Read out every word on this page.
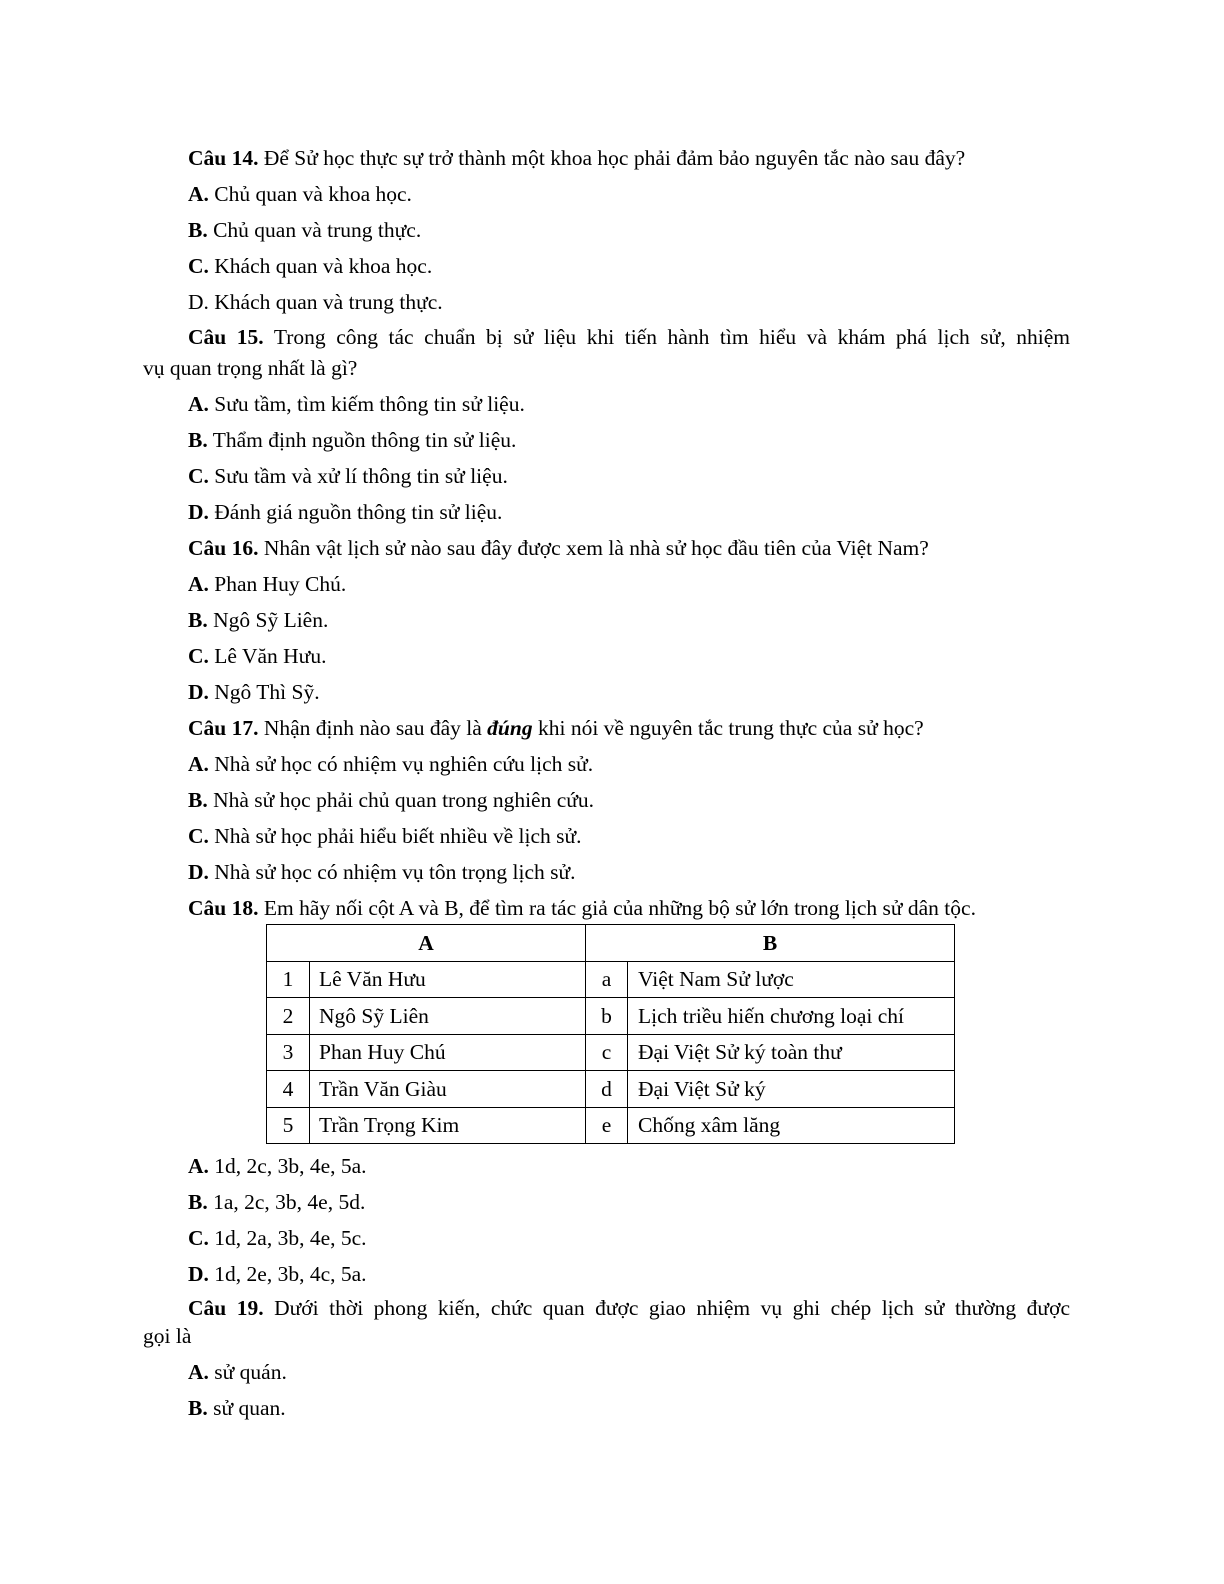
Câu 14. Để Sử học thực sự trở thành một khoa học phải đảm bảo nguyên tắc nào sau đây?
A. Chủ quan và khoa học.
B. Chủ quan và trung thực.
C. Khách quan và khoa học.
D. Khách quan và trung thực.
Câu 15. Trong công tác chuẩn bị sử liệu khi tiến hành tìm hiểu và khám phá lịch sử, nhiệm
vụ quan trọng nhất là gì?
A. Sưu tầm, tìm kiếm thông tin sử liệu.
B. Thẩm định nguồn thông tin sử liệu.
C. Sưu tầm và xử lí thông tin sử liệu.
D. Đánh giá nguồn thông tin sử liệu.
Câu 16. Nhân vật lịch sử nào sau đây được xem là nhà sử học đầu tiên của Việt Nam?
A. Phan Huy Chú.
B. Ngô Sỹ Liên.
C. Lê Văn Hưu.
D. Ngô Thì Sỹ.
Câu 17. Nhận định nào sau đây là đúng khi nói về nguyên tắc trung thực của sử học?
A. Nhà sử học có nhiệm vụ nghiên cứu lịch sử.
B. Nhà sử học phải chủ quan trong nghiên cứu.
C. Nhà sử học phải hiểu biết nhiều về lịch sử.
D. Nhà sử học có nhiệm vụ tôn trọng lịch sử.
Câu 18. Em hãy nối cột A và B, để tìm ra tác giả của những bộ sử lớn trong lịch sử dân tộc.
A		B	
1	Lê Văn Hưu	a	Việt Nam Sử lược
2	Ngô Sỹ Liên	b	Lịch triều hiến chương loại chí
3	Phan Huy Chú	c	Đại Việt Sử ký toàn thư
4	Trần Văn Giàu	d	Đại Việt Sử ký
5	Trần Trọng Kim	e	Chống xâm lăng
A. 1d, 2c, 3b, 4e, 5a.
B. 1a, 2c, 3b, 4e, 5d.
C. 1d, 2a, 3b, 4e, 5c.
D. 1d, 2e, 3b, 4c, 5a.
Câu 19. Dưới thời phong kiến, chức quan được giao nhiệm vụ ghi chép lịch sử thường được
gọi là
A. sử quán.
B. sử quan.
